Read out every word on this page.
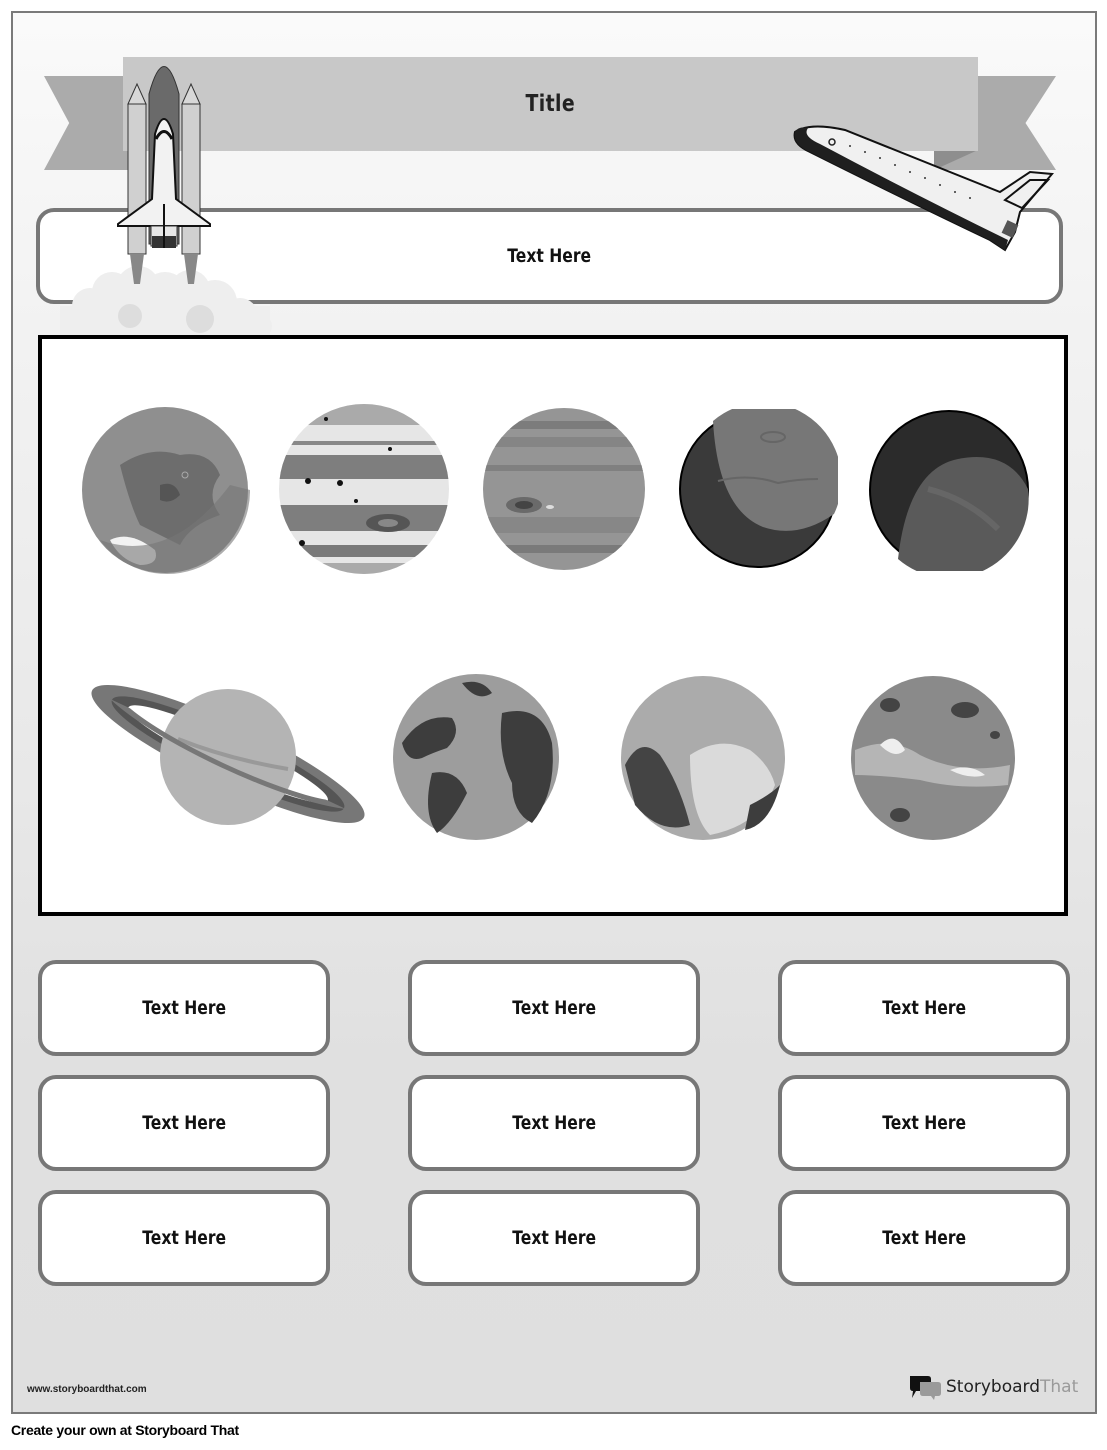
Title
Text Here
Text Here	Text Here	Text Here
Text Here	Text Here	Text Here
Text Here	Text Here	Text Here
www.storyboardthat.com	Storyboard That
Create your own at Storyboard That
